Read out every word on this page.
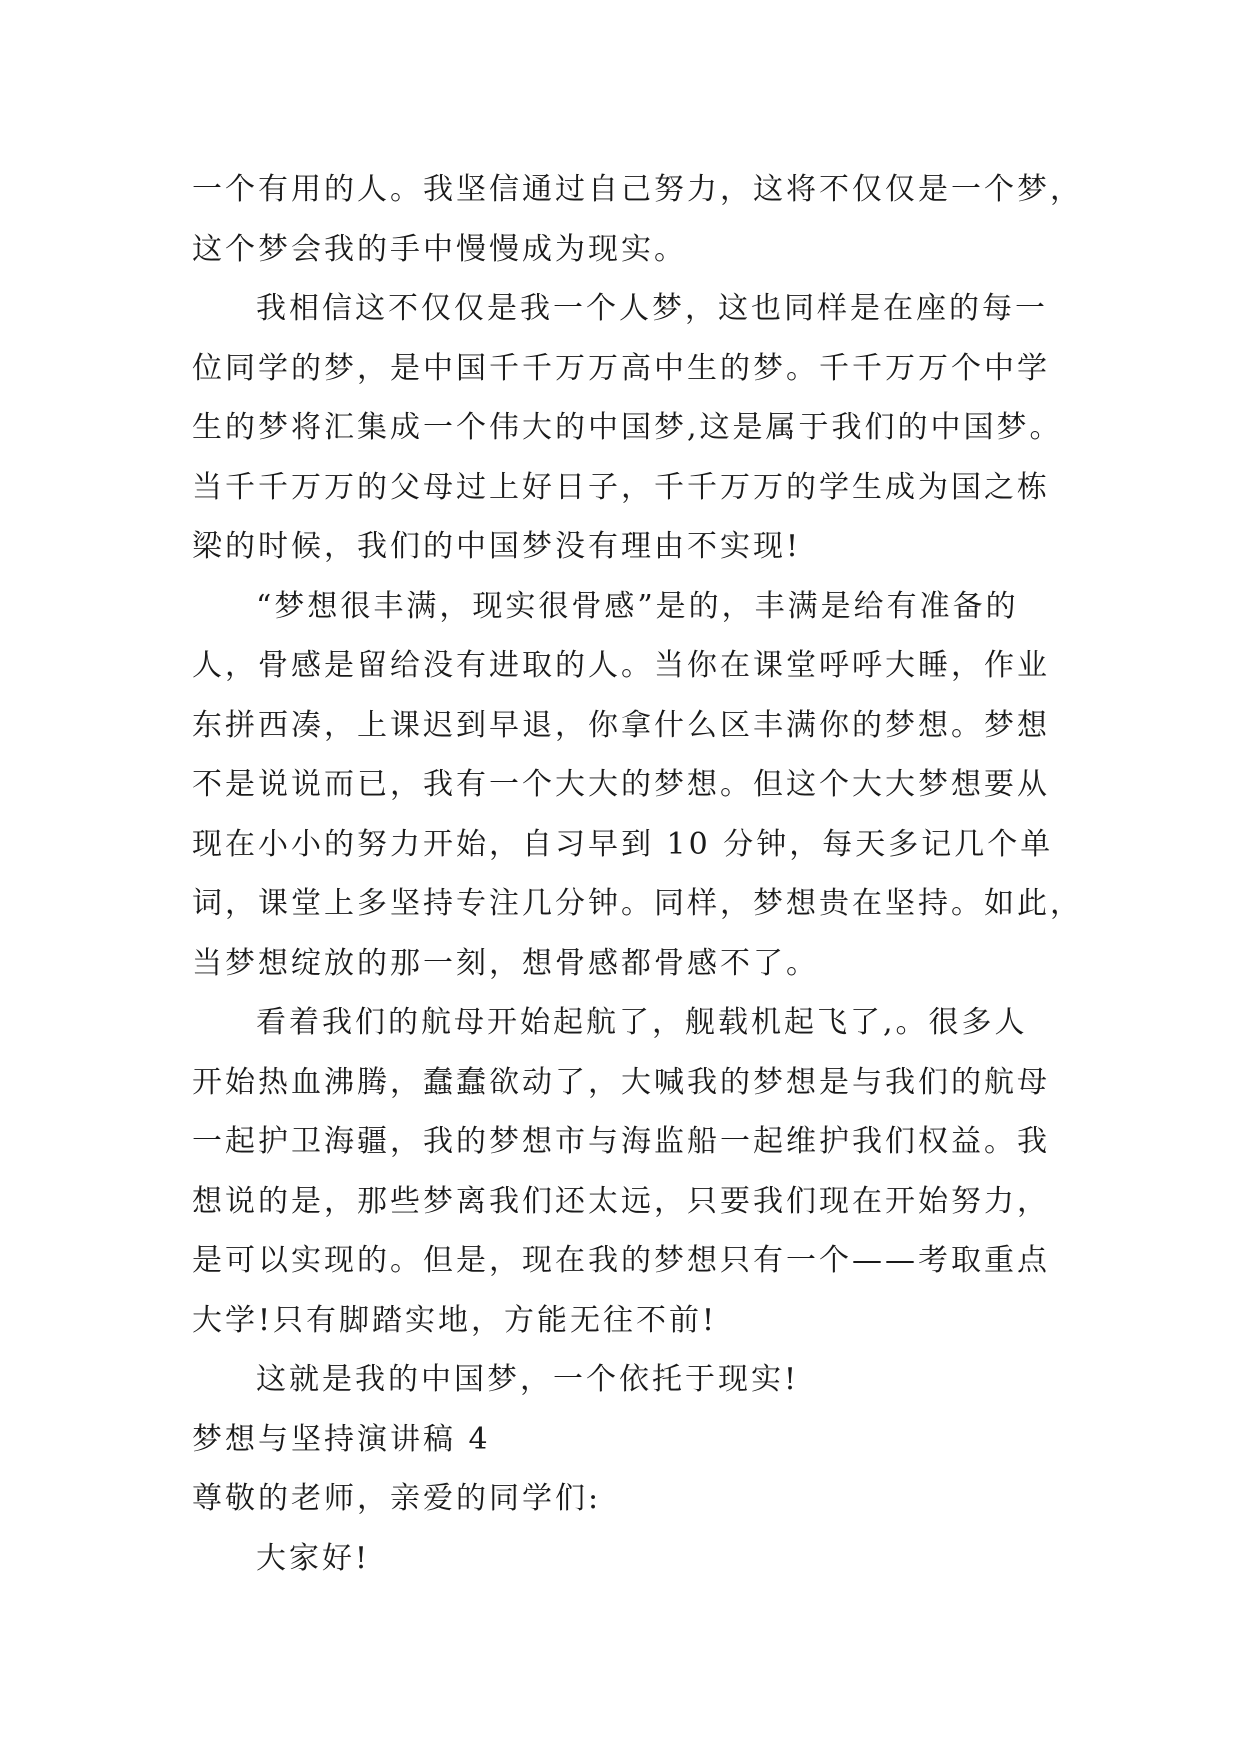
一个有用的人。我坚信通过自己努力，这将不仅仅是一个梦，
这个梦会我的手中慢慢成为现实。
我相信这不仅仅是我一个人梦，这也同样是在座的每一
位同学的梦，是中国千千万万高中生的梦。千千万万个中学
生的梦将汇集成一个伟大的中国梦,这是属于我们的中国梦。
当千千万万的父母过上好日子，千千万万的学生成为国之栋
梁的时候，我们的中国梦没有理由不实现!
“梦想很丰满，现实很骨感”是的，丰满是给有准备的
人，骨感是留给没有进取的人。当你在课堂呼呼大睡，作业
东拼西凑，上课迟到早退，你拿什么区丰满你的梦想。梦想
不是说说而已，我有一个大大的梦想。但这个大大梦想要从
现在小小的努力开始，自习早到 10 分钟，每天多记几个单
词，课堂上多坚持专注几分钟。同样，梦想贵在坚持。如此，
当梦想绽放的那一刻，想骨感都骨感不了。
看着我们的航母开始起航了，舰载机起飞了,。很多人
开始热血沸腾，蠢蠢欲动了，大喊我的梦想是与我们的航母
一起护卫海疆，我的梦想市与海监船一起维护我们权益。我
想说的是，那些梦离我们还太远，只要我们现在开始努力，
是可以实现的。但是，现在我的梦想只有一个——考取重点
大学!只有脚踏实地，方能无往不前!
这就是我的中国梦，一个依托于现实!
梦想与坚持演讲稿 4
尊敬的老师，亲爱的同学们:
大家好!
